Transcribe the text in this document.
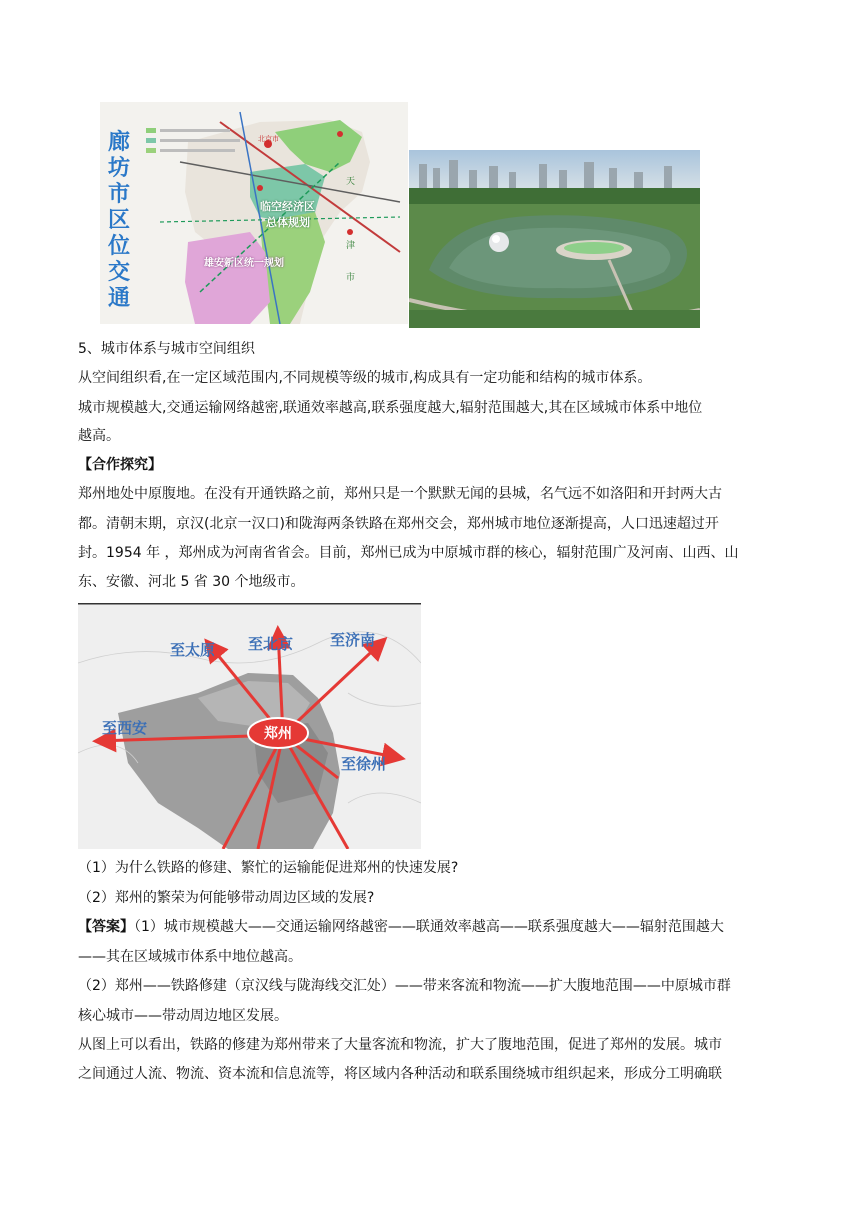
廊
坊
市
区
位
交
通
北京市
天
津
市
临空经济区
总体规划
雄安新区统一规划
5、城市体系与城市空间组织
从空间组织看,在一定区域范围内,不同规模等级的城市,构成具有一定功能和结构的城市体系。
城市规模越大,交通运输网络越密,联通效率越高,联系强度越大,辐射范围越大,其在区域城市体系中地位
越高。
【合作探究】
郑州地处中原腹地。在没有开通铁路之前，郑州只是一个默默无闻的县城，名气远不如洛阳和开封两大古
都。清朝末期，京汉(北京一汉口)和陇海两条铁路在郑州交会，郑州城市地位逐渐提高，人口迅速超过开
封。1954 年 ，郑州成为河南省省会。目前，郑州已成为中原城市群的核心，辐射范围广及河南、山西、山
东、安徽、河北 5 省 30 个地级市。
郑州
至太原 至北京 至济南
至西安
至徐州
（1）为什么铁路的修建、繁忙的运输能促进郑州的快速发展?
（2）郑州的繁荣为何能够带动周边区域的发展?
【答案】（1）城市规模越大——交通运输网络越密——联通效率越高——联系强度越大——辐射范围越大
——其在区域城市体系中地位越高。
（2）郑州——铁路修建（京汉线与陇海线交汇处）——带来客流和物流——扩大腹地范围——中原城市群
核心城市——带动周边地区发展。
从图上可以看出，铁路的修建为郑州带来了大量客流和物流，扩大了腹地范围，促进了郑州的发展。城市
之间通过人流、物流、资本流和信息流等，将区域内各种活动和联系围绕城市组织起来，形成分工明确联
